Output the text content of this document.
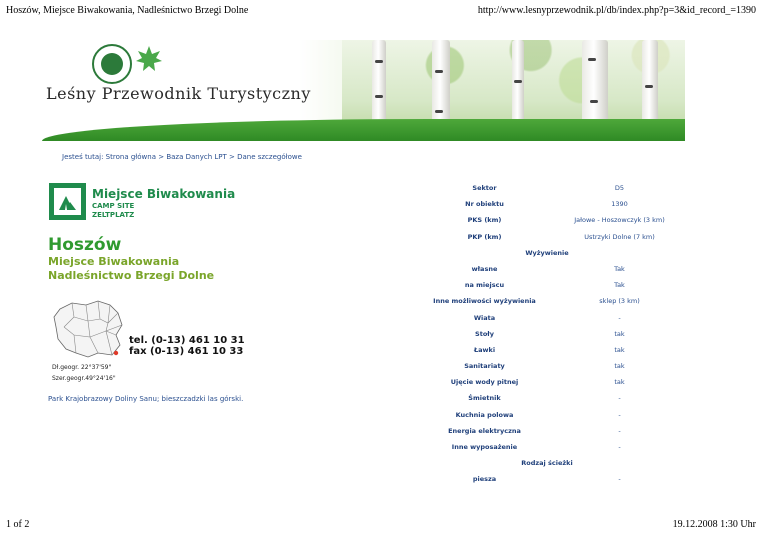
Hoszów, Miejsce Biwakowania, Nadleśnictwo Brzegi Dolne	http://www.lesnyprzewodnik.pl/db/index.php?p=3&id_record_=1390
Leśny Przewodnik Turystyczny
Jesteś tutaj: Strona główna > Baza Danych LPT > Dane szczegółowe
Miejsce Biwakowania
CAMP SITE
ZELTPLATZ
Hoszów
Miejsce Biwakowania
Nadleśnictwo Brzegi Dolne
tel. (0-13) 461 10 31
fax (0-13) 461 10 33
Dł.geogr. 22°37'59"
Szer.geogr.49°24'16"
Park Krajobrazowy Doliny Sanu; bieszczadzki las górski.
Sektor	D5
Nr obiektu	1390
PKS (km)	Jałowe - Hoszowczyk (3 km)
PKP (km)	Ustrzyki Dolne (7 km)
Wyżywienie
własne	Tak
na miejscu	Tak
Inne możliwości wyżywienia	sklep (3 km)
Wiata	-
Stoły	tak
Ławki	tak
Sanitariaty	tak
Ujęcie wody pitnej	tak
Śmietnik	-
Kuchnia polowa	-
Energia elektryczna	-
Inne wyposażenie	-
Rodzaj ścieżki
piesza	-
1 of 2	19.12.2008 1:30 Uhr
